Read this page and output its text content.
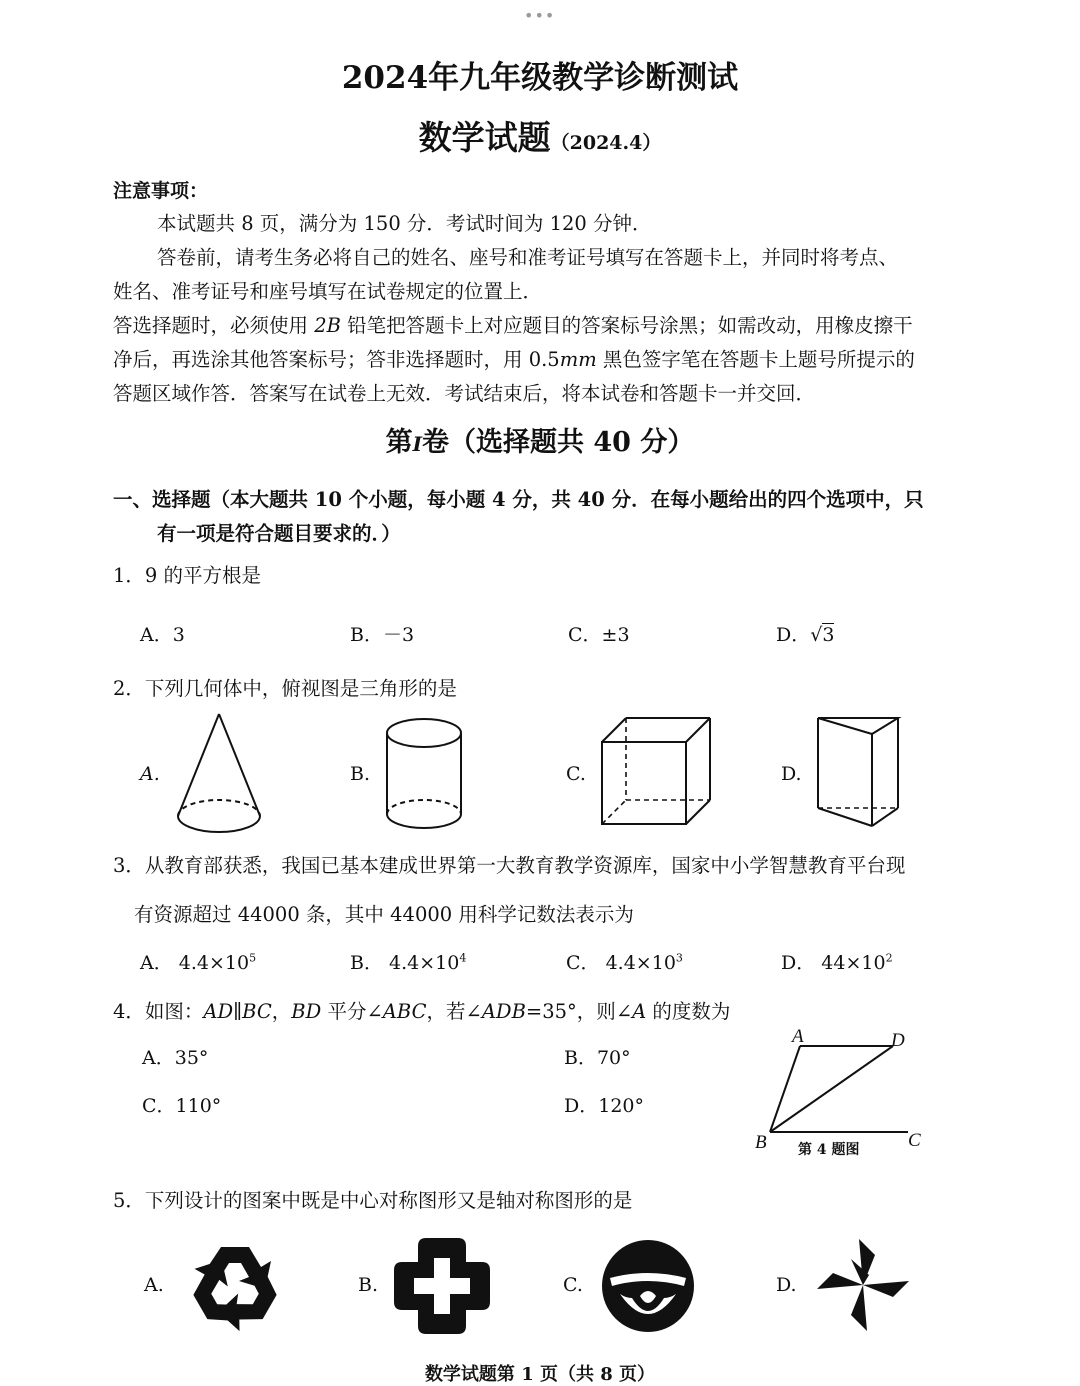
•••
2024年九年级教学诊断测试
数学试题（2024.4）
注意事项：
本试题共 8 页，满分为 150 分．考试时间为 120 分钟．
答卷前，请考生务必将自己的姓名、座号和准考证号填写在答题卡上，并同时将考点、
姓名、准考证号和座号填写在试卷规定的位置上．
答选择题时，必须使用 2B 铅笔把答题卡上对应题目的答案标号涂黑；如需改动，用橡皮擦干
净后，再选涂其他答案标号；答非选择题时，用 0.5mm 黑色签字笔在答题卡上题号所提示的
答题区域作答．答案写在试卷上无效．考试结束后，将本试卷和答题卡一并交回．
第I卷（选择题共 40 分）
一、选择题（本大题共 10 个小题，每小题 4 分，共 40 分．在每小题给出的四个选项中，只
有一项是符合题目要求的．）
1．9 的平方根是
A．3	B．－3	C．±3	D．√3
2．下列几何体中，俯视图是三角形的是
A.	B.	C.	D.
3．从教育部获悉，我国已基本建成世界第一大教育教学资源库，国家中小学智慧教育平台现
有资源超过 44000 条，其中 44000 用科学记数法表示为
A． $4.4\times 10^5$	B． $4.4\times 10^4$	C． $4.4\times 10^3$	D． $44\times 10^2$
4．如图：AD∥BC，BD 平分∠ABC，若∠ADB=35°，则∠A 的度数为
A．35°	B．70°
C．110°	D．120°
A	D
B	C
第 4 题图
5．下列设计的图案中既是中心对称图形又是轴对称图形的是
A.	B.	C.	D.
数学试题第 1 页（共 8 页）
